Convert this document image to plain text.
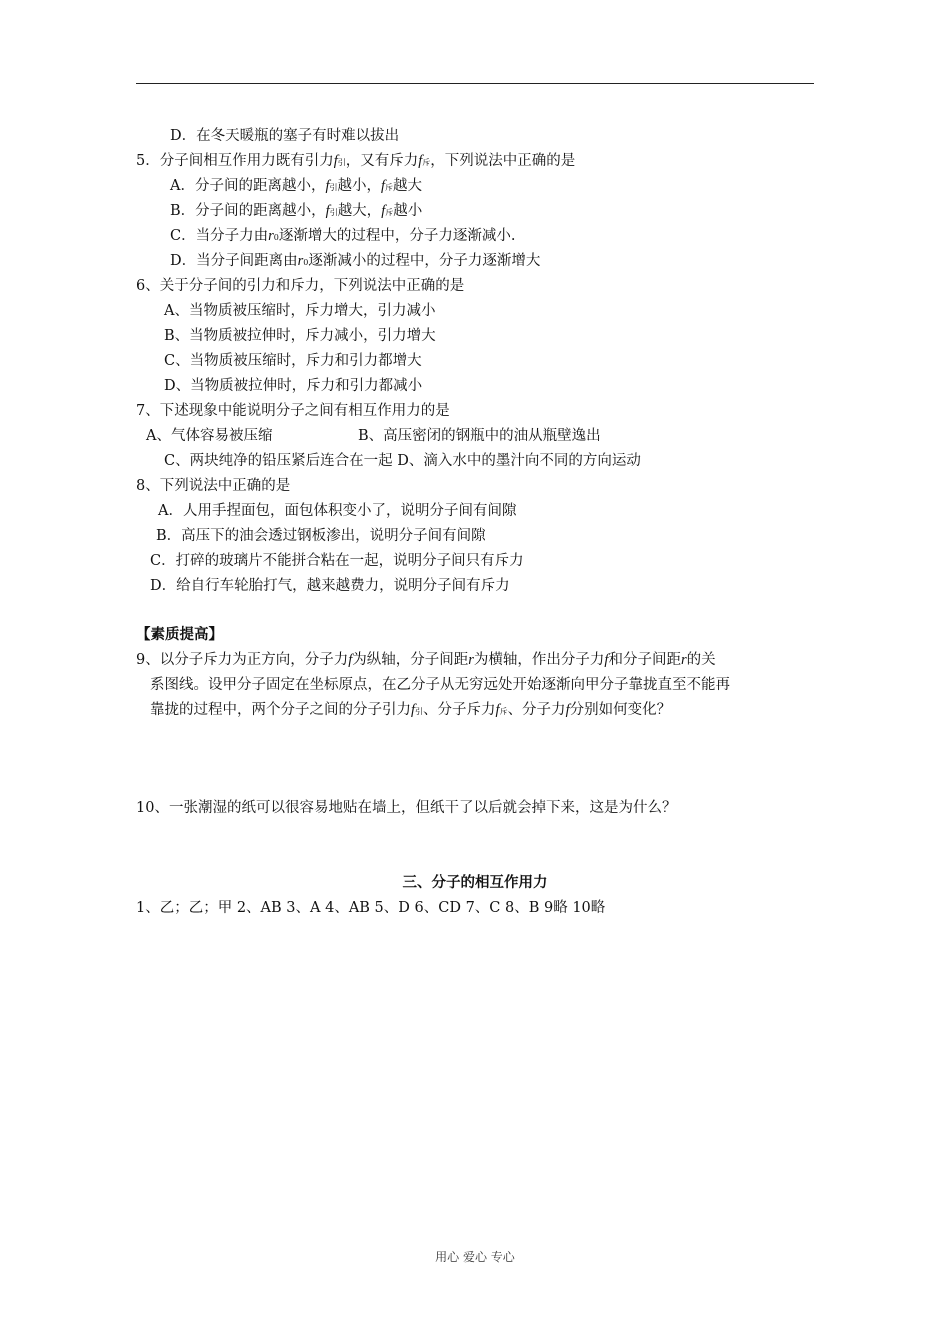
D．在冬天暖瓶的塞子有时难以拔出
5．分子间相互作用力既有引力f引，又有斥力f斥，下列说法中正确的是
A．分子间的距离越小，f引越小，f斥越大
B．分子间的距离越小，f引越大，f斥越小
C．当分子力由r0逐渐增大的过程中，分子力逐渐减小.
D．当分子间距离由r0逐渐减小的过程中，分子力逐渐增大
6、关于分子间的引力和斥力，下列说法中正确的是
A、当物质被压缩时，斥力增大，引力减小
B、当物质被拉伸时，斥力减小，引力增大
C、当物质被压缩时，斥力和引力都增大
D、当物质被拉伸时，斥力和引力都减小
7、下述现象中能说明分子之间有相互作用力的是
A、气体容易被压缩	B、高压密闭的钢瓶中的油从瓶壁逸出
C、两块纯净的铅压紧后连合在一起 D、滴入水中的墨汁向不同的方向运动
8、下列说法中正确的是
A．人用手捏面包，面包体积变小了，说明分子间有间隙
B．高压下的油会透过钢板渗出，说明分子间有间隙
C．打碎的玻璃片不能拼合粘在一起，说明分子间只有斥力
D．给自行车轮胎打气，越来越费力，说明分子间有斥力
【素质提高】
9、以分子斥力为正方向，分子力f为纵轴，分子间距r为横轴，作出分子力f和分子间距r的关
系图线。设甲分子固定在坐标原点，在乙分子从无穷远处开始逐渐向甲分子靠拢直至不能再
靠拢的过程中，两个分子之间的分子引力f引、分子斥力f斥、分子力f分别如何变化？
10、一张潮湿的纸可以很容易地贴在墙上，但纸干了以后就会掉下来，这是为什么？
三、分子的相互作用力
1、乙；乙；甲 2、AB 3、A 4、AB 5、D 6、CD 7、C 8、B 9略 10略
用心 爱心 专心
